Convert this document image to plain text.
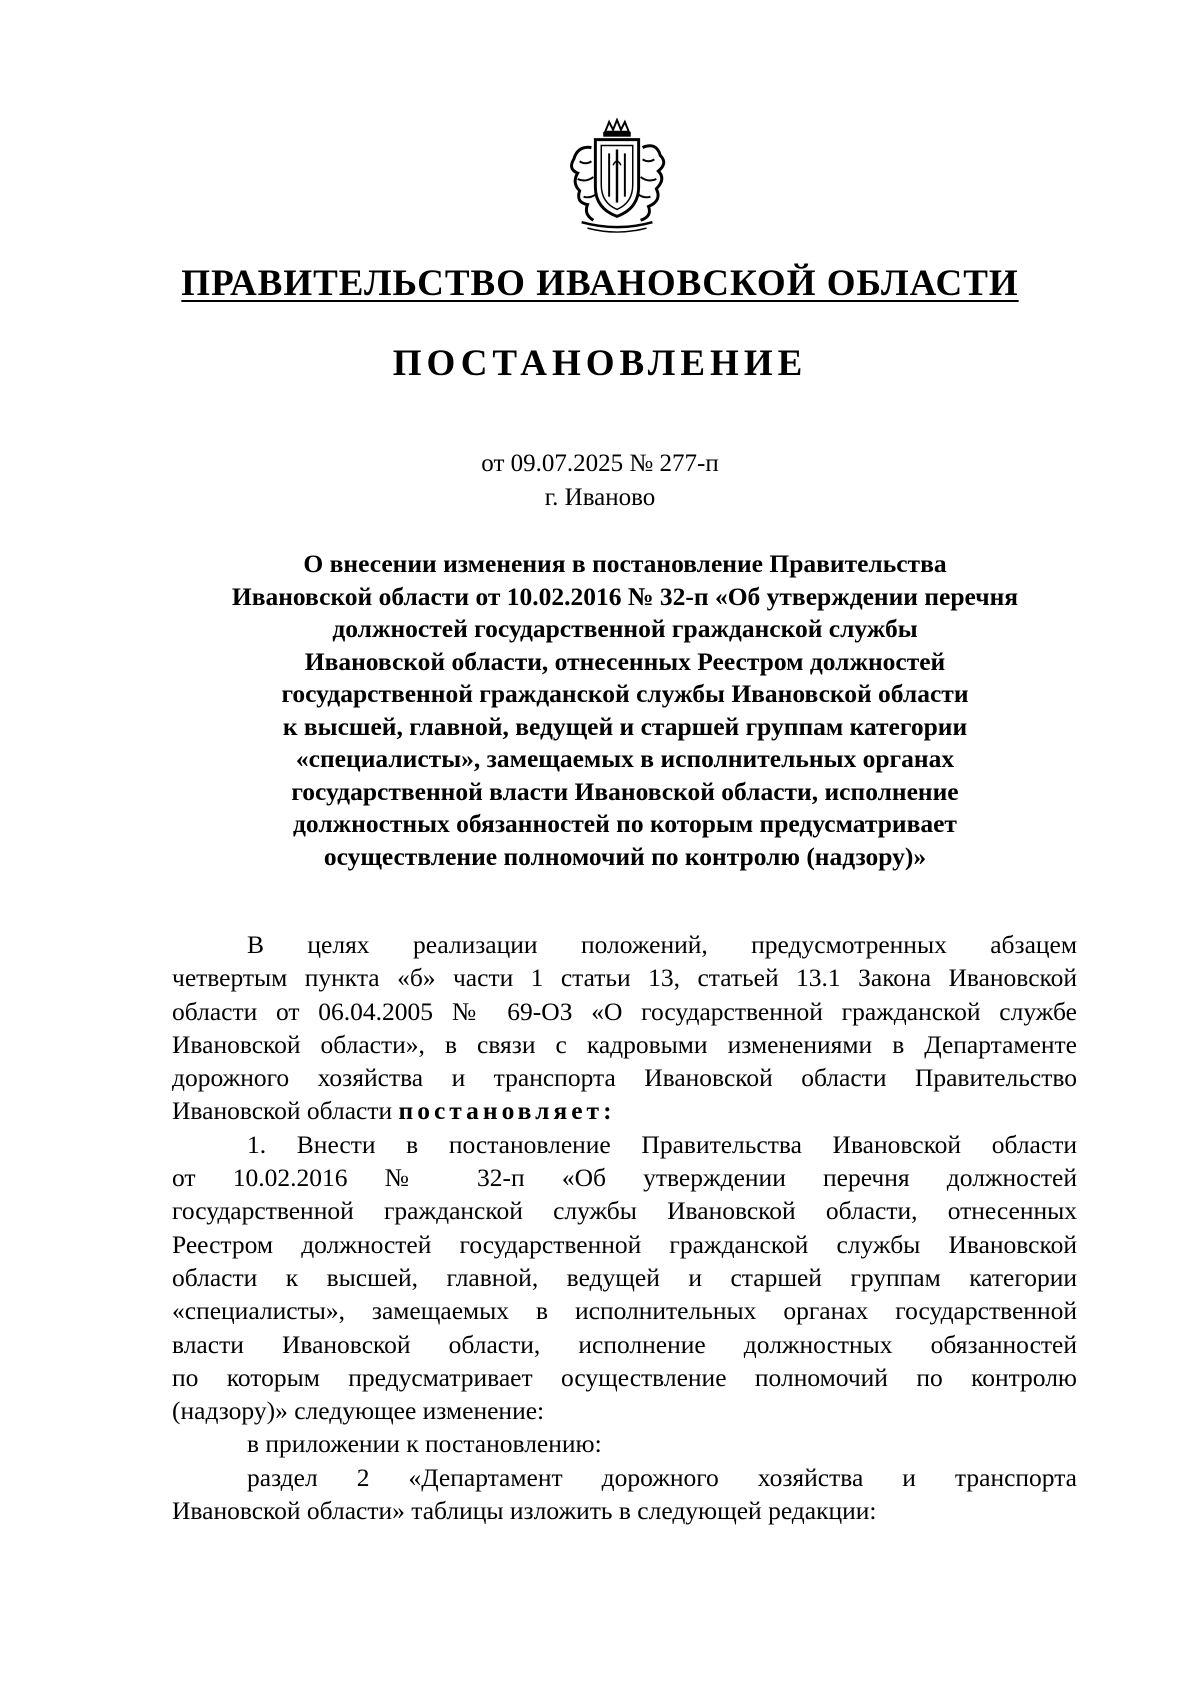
ПРАВИТЕЛЬСТВО ИВАНОВСКОЙ ОБЛАСТИ
ПОСТАНОВЛЕНИЕ
от 09.07.2025 № 277-п
г. Иваново
О внесении изменения в постановление Правительства
Ивановской области от 10.02.2016 № 32-п «Об утверждении перечня
должностей государственной гражданской службы
Ивановской области, отнесенных Реестром должностей
государственной гражданской службы Ивановской области
к высшей, главной, ведущей и старшей группам категории
«специалисты», замещаемых в исполнительных органах
государственной власти Ивановской области, исполнение
должностных обязанностей по которым предусматривает
осуществление полномочий по контролю (надзору)»
В целях реализации положений, предусмотренных абзацем
четвертым пункта «б» части 1 статьи 13, статьей 13.1 Закона Ивановской
области от 06.04.2005 № 69-ОЗ «О государственной гражданской службе
Ивановской области», в связи с кадровыми изменениями в Департаменте
дорожного хозяйства и транспорта Ивановской области Правительство
Ивановской области постановляет:
1. Внести в постановление Правительства Ивановской области
от 10.02.2016 № 32-п «Об утверждении перечня должностей
государственной гражданской службы Ивановской области, отнесенных
Реестром должностей государственной гражданской службы Ивановской
области к высшей, главной, ведущей и старшей группам категории
«специалисты», замещаемых в исполнительных органах государственной
власти Ивановской области, исполнение должностных обязанностей
по которым предусматривает осуществление полномочий по контролю
(надзору)» следующее изменение:
в приложении к постановлению:
раздел 2 «Департамент дорожного хозяйства и транспорта
Ивановской области» таблицы изложить в следующей редакции:
